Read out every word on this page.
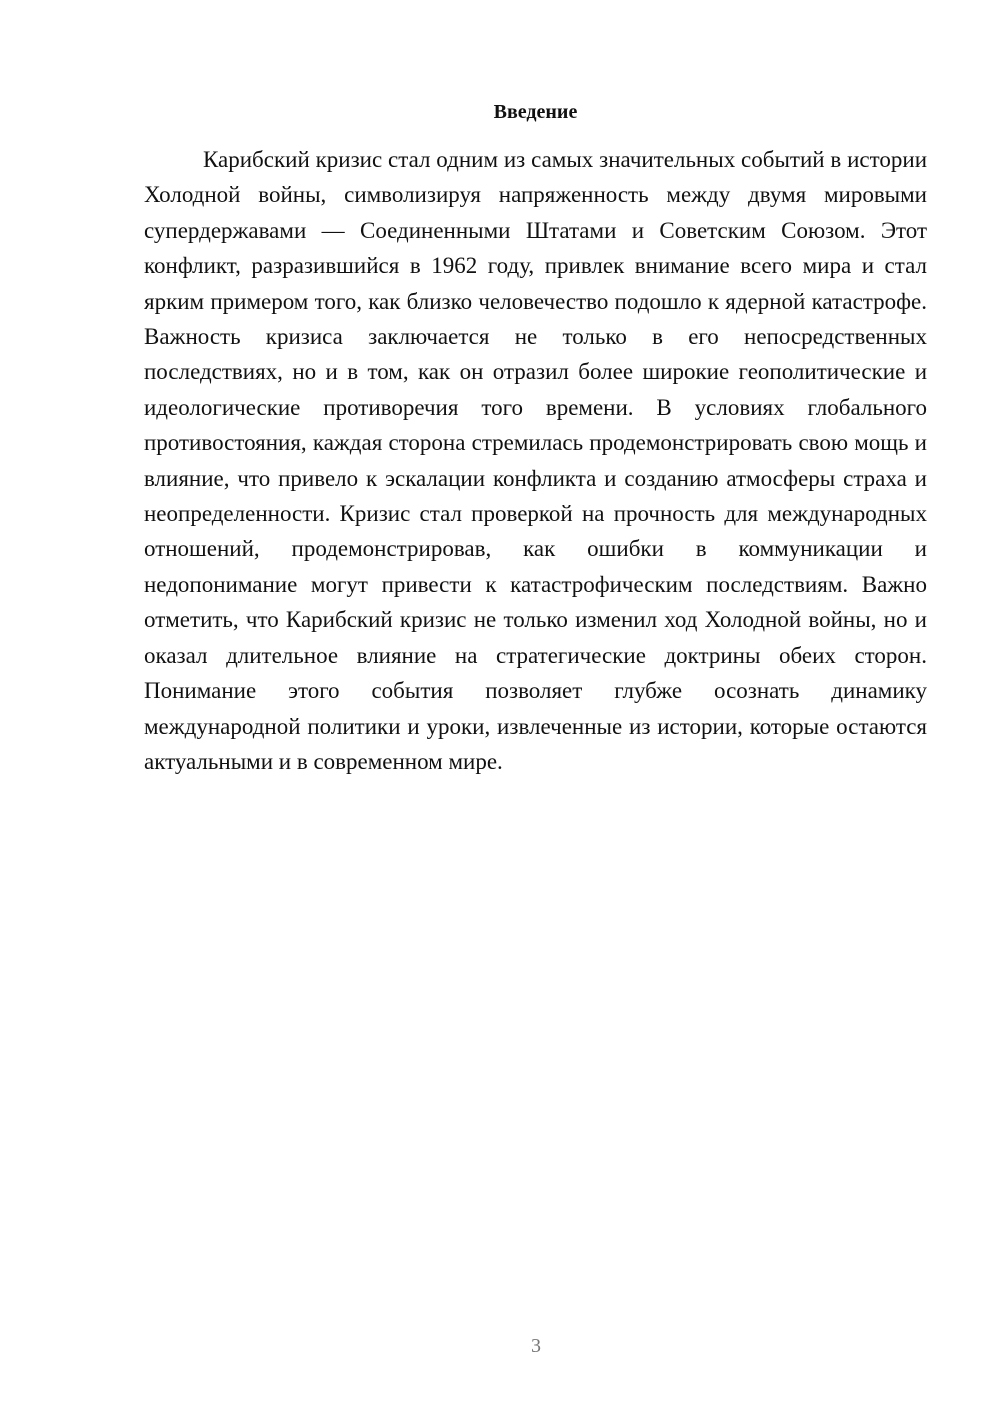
Введение

Карибский кризис стал одним из самых значительных событий в истории Холодной войны, символизируя напряженность между двумя мировыми супердержавами — Соединенными Штатами и Советским Союзом. Этот конфликт, разразившийся в 1962 году, привлек внимание всего мира и стал ярким примером того, как близко человечество подошло к ядерной катастрофе. Важность кризиса заключается не только в его непосредственных последствиях, но и в том, как он отразил более широкие геополитические и идеологические противоречия того времени. В условиях глобального противостояния, каждая сторона стремилась продемонстрировать свою мощь и влияние, что привело к эскалации конфликта и созданию атмосферы страха и неопределенности. Кризис стал проверкой на прочность для международных отношений, продемонстрировав, как ошибки в коммуникации и недопонимание могут привести к катастрофическим последствиям. Важно отметить, что Карибский кризис не только изменил ход Холодной войны, но и оказал длительное влияние на стратегические доктрины обеих сторон. Понимание этого события позволяет глубже осознать динамику международной политики и уроки, извлеченные из истории, которые остаются актуальными и в современном мире.

3
